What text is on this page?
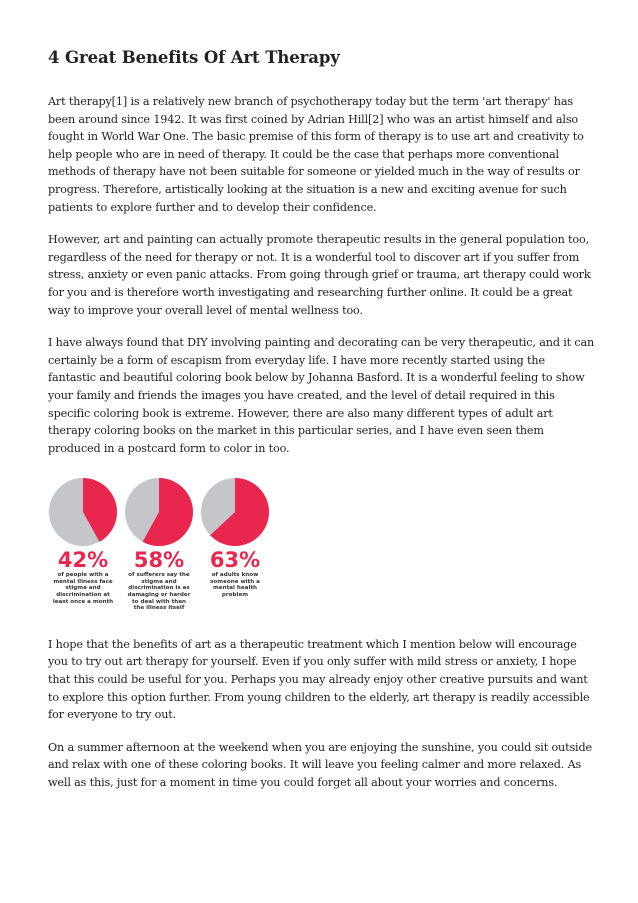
4 Great Benefits Of Art Therapy

Art therapy[1] is a relatively new branch of psychotherapy today but the term 'art therapy' has been around since 1942. It was first coined by Adrian Hill[2] who was an artist himself and also fought in World War One. The basic premise of this form of therapy is to use art and creativity to help people who are in need of therapy. It could be the case that perhaps more conventional methods of therapy have not been suitable for someone or yielded much in the way of results or progress. Therefore, artistically looking at the situation is a new and exciting avenue for such patients to explore further and to develop their confidence.

However, art and painting can actually promote therapeutic results in the general population too, regardless of the need for therapy or not. It is a wonderful tool to discover art if you suffer from stress, anxiety or even panic attacks. From going through grief or trauma, art therapy could work for you and is therefore worth investigating and researching further online. It could be a great way to improve your overall level of mental wellness too.

I have always found that DIY involving painting and decorating can be very therapeutic, and it can certainly be a form of escapism from everyday life. I have more recently started using the fantastic and beautiful coloring book below by Johanna Basford. It is a wonderful feeling to show your family and friends the images you have created, and the level of detail required in this specific coloring book is extreme. However, there are also many different types of adult art therapy coloring books on the market in this particular series, and I have even seen them produced in a postcard form to color in too.

42%
of people with a mental illness face stigma and discrimination at least once a month
58%
of sufferers say the stigma and discrimination is as damaging or harder to deal with than the illness itself
63%
of adults know someone with a mental health problem

I hope that the benefits of art as a therapeutic treatment which I mention below will encourage you to try out art therapy for yourself. Even if you only suffer with mild stress or anxiety, I hope that this could be useful for you. Perhaps you may already enjoy other creative pursuits and want to explore this option further. From young children to the elderly, art therapy is readily accessible for everyone to try out.

On a summer afternoon at the weekend when you are enjoying the sunshine, you could sit outside and relax with one of these coloring books. It will leave you feeling calmer and more relaxed. As well as this, just for a moment in time you could forget all about your worries and concerns.
